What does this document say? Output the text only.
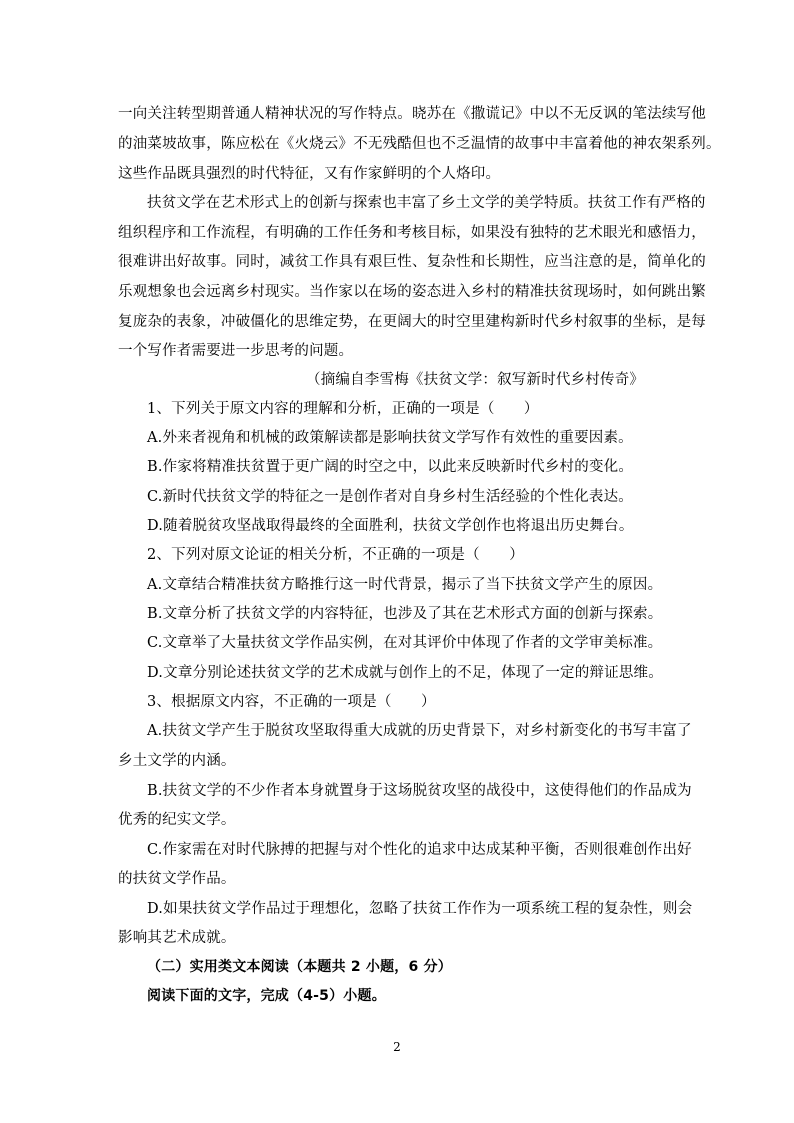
一向关注转型期普通人精神状况的写作特点。晓苏在《撒谎记》中以不无反讽的笔法续写他
的油菜坡故事，陈应松在《火烧云》不无残酷但也不乏温情的故事中丰富着他的神农架系列。
这些作品既具强烈的时代特征，又有作家鲜明的个人烙印。
扶贫文学在艺术形式上的创新与探索也丰富了乡土文学的美学特质。扶贫工作有严格的
组织程序和工作流程，有明确的工作任务和考核目标，如果没有独特的艺术眼光和感悟力，
很难讲出好故事。同时，减贫工作具有艰巨性、复杂性和长期性，应当注意的是，简单化的
乐观想象也会远离乡村现实。当作家以在场的姿态进入乡村的精准扶贫现场时，如何跳出繁
复庞杂的表象，冲破僵化的思维定势，在更阔大的时空里建构新时代乡村叙事的坐标，是每
一个写作者需要进一步思考的问题。
（摘编自李雪梅《扶贫文学：叙写新时代乡村传奇》
1、下列关于原文内容的理解和分析，正确的一项是（　　）
A.外来者视角和机械的政策解读都是影响扶贫文学写作有效性的重要因素。
B.作家将精准扶贫置于更广阔的时空之中，以此来反映新时代乡村的变化。
C.新时代扶贫文学的特征之一是创作者对自身乡村生活经验的个性化表达。
D.随着脱贫攻坚战取得最终的全面胜利，扶贫文学创作也将退出历史舞台。
2、下列对原文论证的相关分析，不正确的一项是（　　）
A.文章结合精准扶贫方略推行这一时代背景，揭示了当下扶贫文学产生的原因。
B.文章分析了扶贫文学的内容特征，也涉及了其在艺术形式方面的创新与探索。
C.文章举了大量扶贫文学作品实例，在对其评价中体现了作者的文学审美标准。
D.文章分别论述扶贫文学的艺术成就与创作上的不足，体现了一定的辩证思维。
3、根据原文内容，不正确的一项是（　　）
A.扶贫文学产生于脱贫攻坚取得重大成就的历史背景下，对乡村新变化的书写丰富了
乡土文学的内涵。
B.扶贫文学的不少作者本身就置身于这场脱贫攻坚的战役中，这使得他们的作品成为
优秀的纪实文学。
C.作家需在对时代脉搏的把握与对个性化的追求中达成某种平衡，否则很难创作出好
的扶贫文学作品。
D.如果扶贫文学作品过于理想化，忽略了扶贫工作作为一项系统工程的复杂性，则会
影响其艺术成就。
（二）实用类文本阅读（本题共 2 小题，6 分）
阅读下面的文字，完成（4-5）小题。
2
